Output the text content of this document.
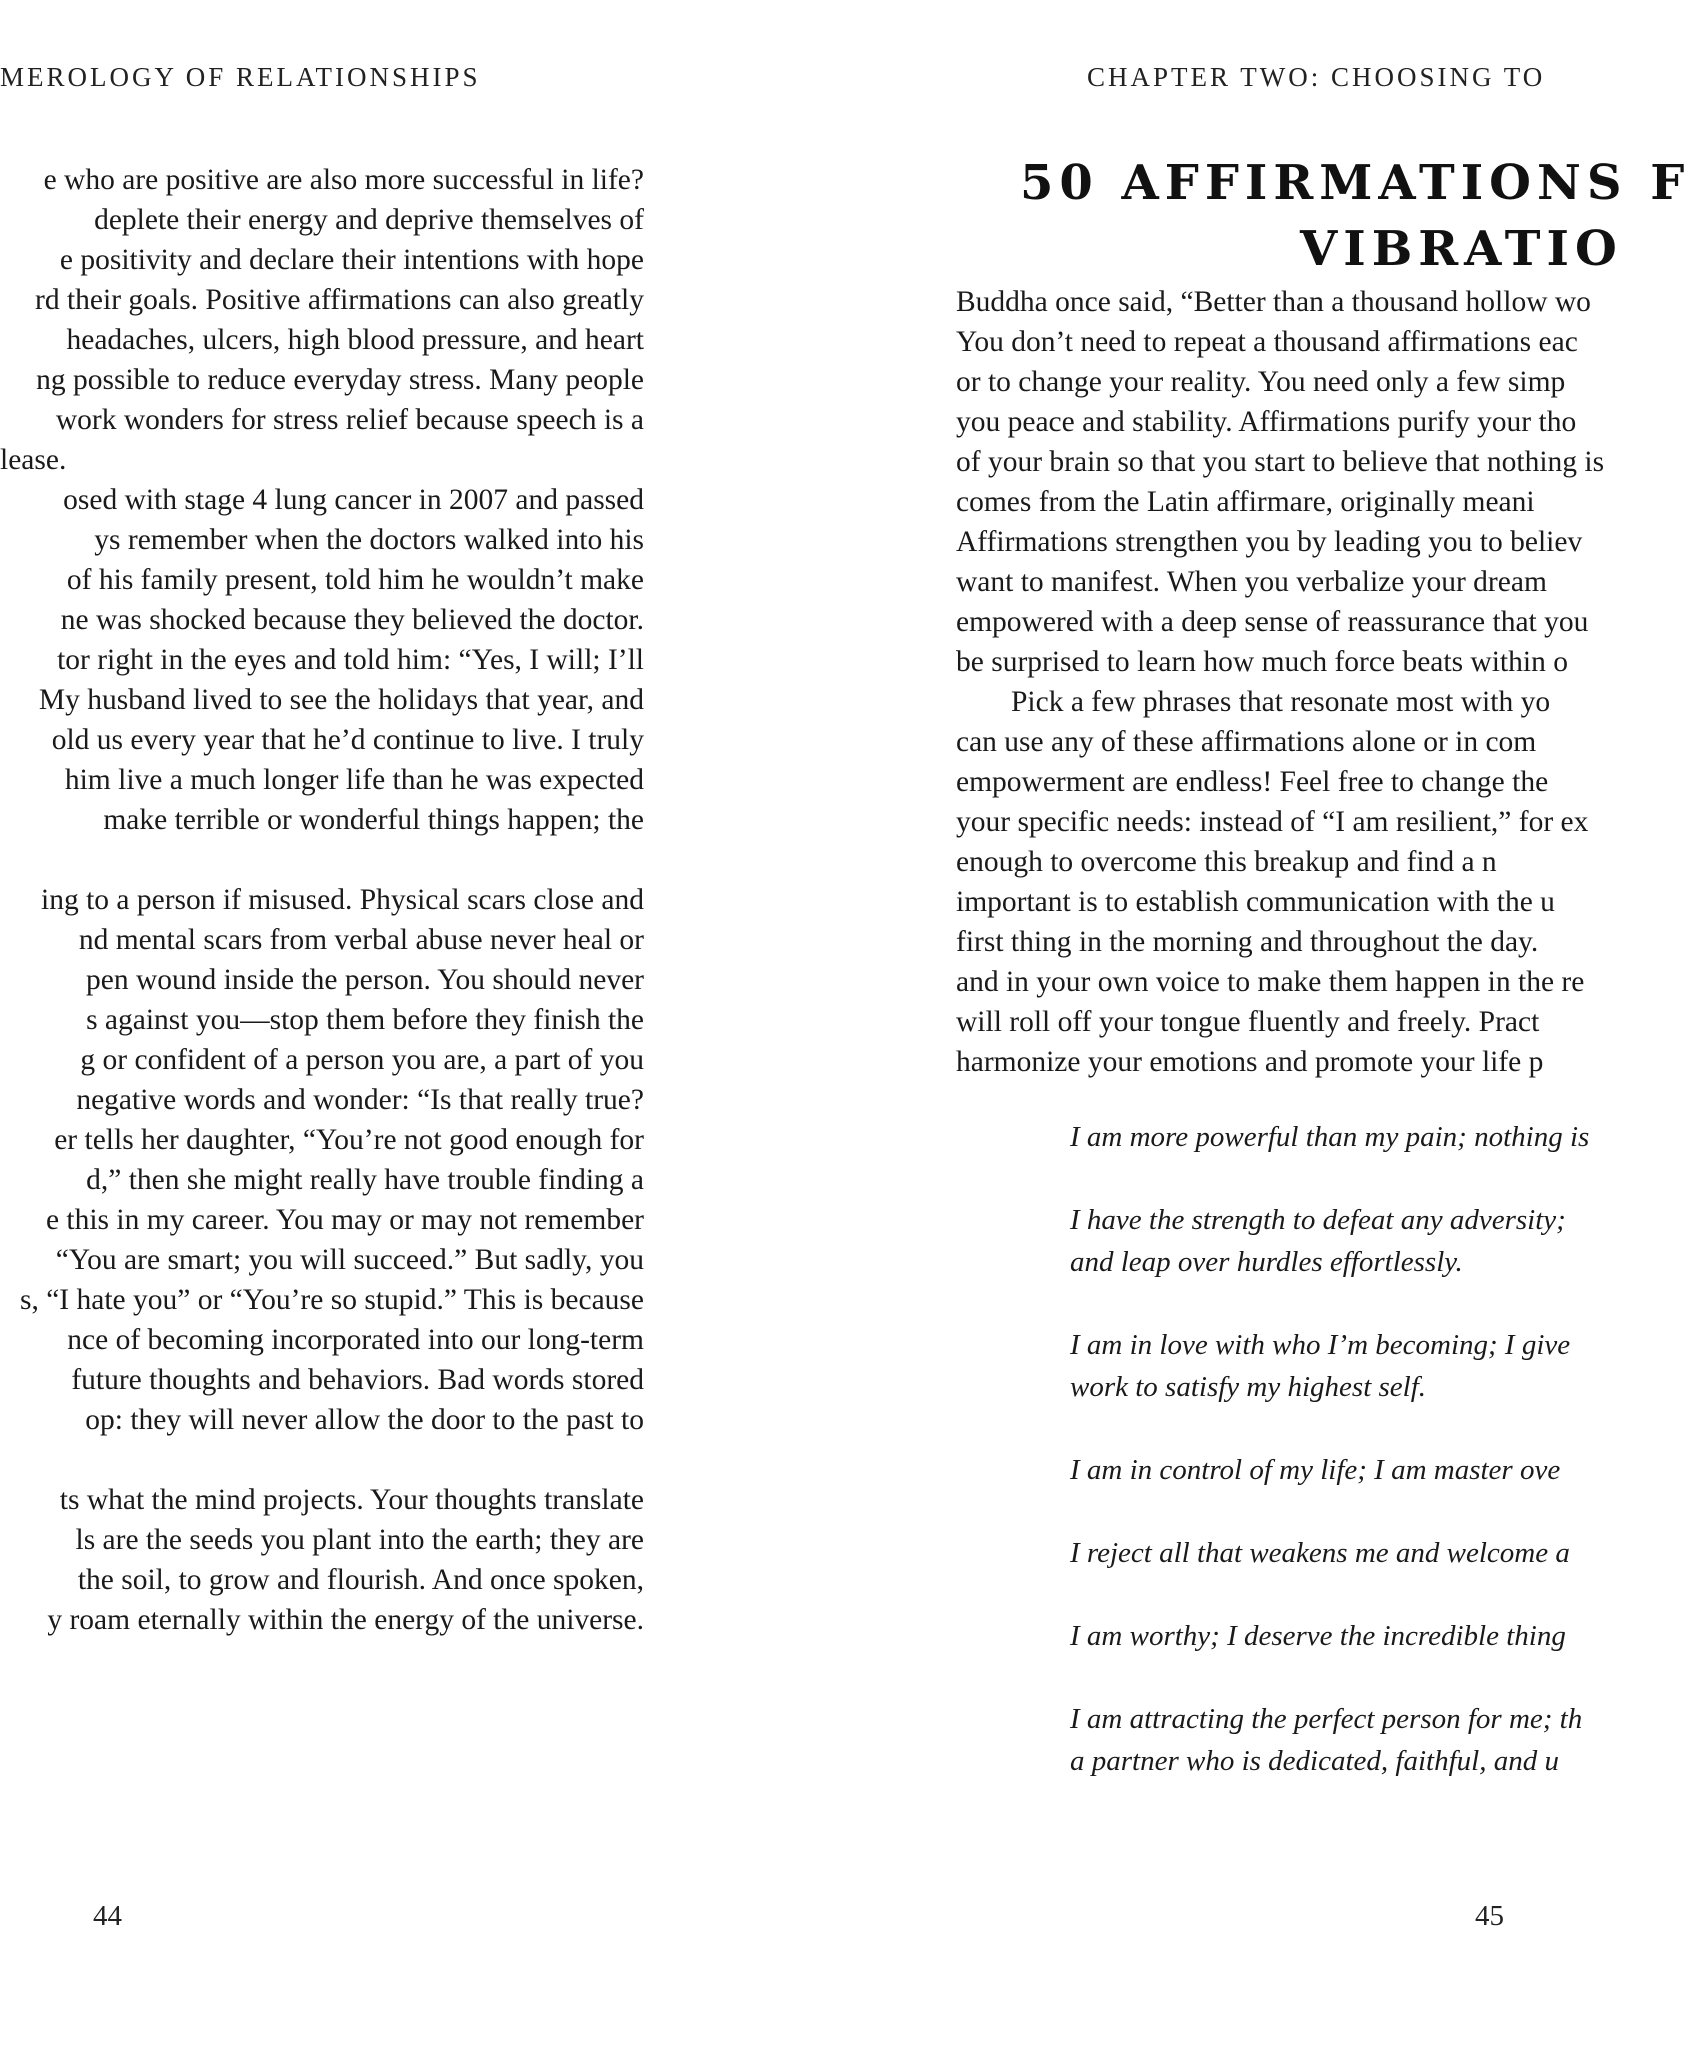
MEROLOGY OF RELATIONSHIPS
e who are positive are also more successful in life?
deplete their energy and deprive themselves of
e positivity and declare their intentions with hope
rd their goals. Positive affirmations can also greatly
headaches, ulcers, high blood pressure, and heart
ng possible to reduce everyday stress. Many people
work wonders for stress relief because speech is a
lease.
osed with stage 4 lung cancer in 2007 and passed
ys remember when the doctors walked into his
of his family present, told him he wouldn’t make
ne was shocked because they believed the doctor.
tor right in the eyes and told him: “Yes, I will; I’ll
My husband lived to see the holidays that year, and
old us every year that he’d continue to live. I truly
him live a much longer life than he was expected
make terrible or wonderful things happen; the
ing to a person if misused. Physical scars close and
nd mental scars from verbal abuse never heal or
pen wound inside the person. You should never
s against you—stop them before they finish the
g or confident of a person you are, a part of you
negative words and wonder: “Is that really true?
er tells her daughter, “You’re not good enough for
d,” then she might really have trouble finding a
e this in my career. You may or may not remember
“You are smart; you will succeed.” But sadly, you
s, “I hate you” or “You’re so stupid.” This is because
nce of becoming incorporated into our long-term
future thoughts and behaviors. Bad words stored
op: they will never allow the door to the past to
ts what the mind projects. Your thoughts translate
ls are the seeds you plant into the earth; they are
the soil, to grow and flourish. And once spoken,
y roam eternally within the energy of the universe.
44
CHAPTER TWO: CHOOSING TO
50 AFFIRMATIONS F
VIBRATIO
Buddha once said, “Better than a thousand hollow wo
You don’t need to repeat a thousand affirmations eac
or to change your reality. You need only a few simp
you peace and stability. Affirmations purify your tho
of your brain so that you start to believe that nothing is
comes from the Latin affirmare, originally meani
Affirmations strengthen you by leading you to believ
want to manifest. When you verbalize your dream
empowered with a deep sense of reassurance that you
be surprised to learn how much force beats within o
Pick a few phrases that resonate most with yo
can use any of these affirmations alone or in com
empowerment are endless! Feel free to change the
your specific needs: instead of “I am resilient,” for ex
enough to overcome this breakup and find a n
important is to establish communication with the u
first thing in the morning and throughout the day.
and in your own voice to make them happen in the re
will roll off your tongue fluently and freely. Pract
harmonize your emotions and promote your life p
I am more powerful than my pain; nothing is
I have the strength to defeat any adversity;
and leap over hurdles effortlessly.
I am in love with who I’m becoming; I give
work to satisfy my highest self.
I am in control of my life; I am master ove
I reject all that weakens me and welcome a
I am worthy; I deserve the incredible thing
I am attracting the perfect person for me; th
a partner who is dedicated, faithful, and u
45
